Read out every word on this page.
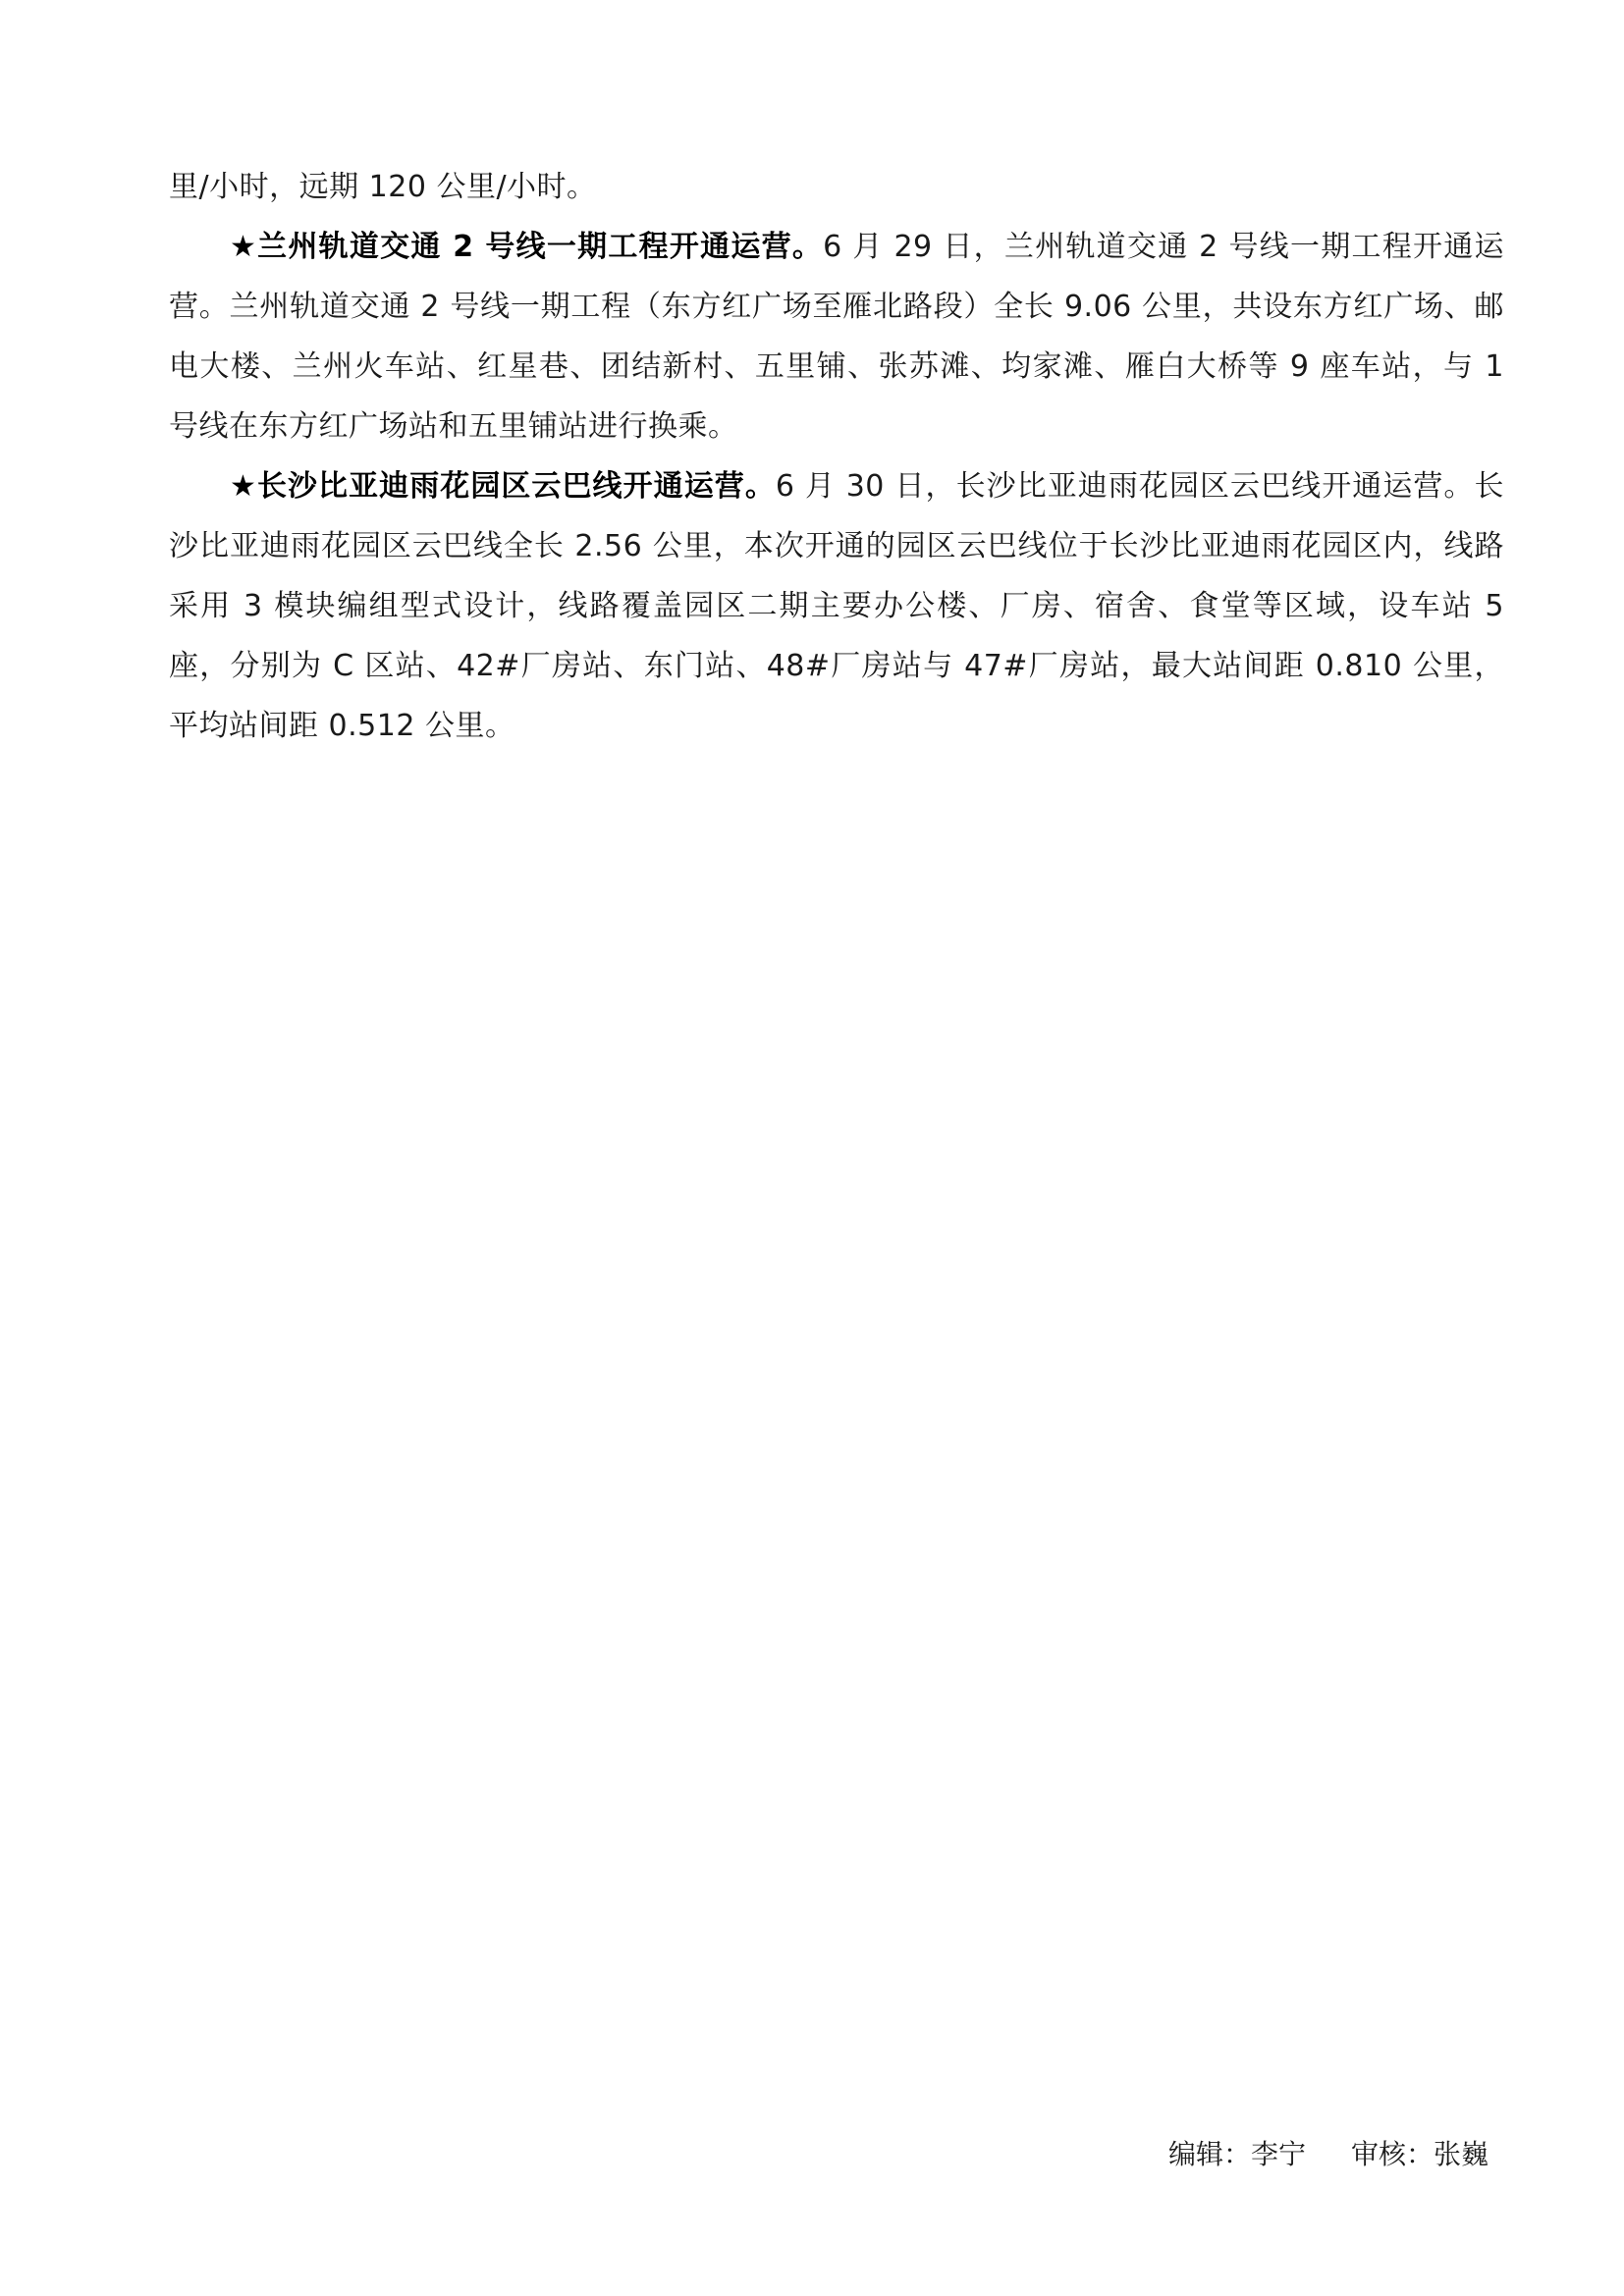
里/小时，远期 120 公里/小时。

★兰州轨道交通 2 号线一期工程开通运营。6 月 29 日，兰州轨道交通 2 号线一期工程开通运营。兰州轨道交通 2 号线一期工程（东方红广场至雁北路段）全长 9.06 公里，共设东方红广场、邮电大楼、兰州火车站、红星巷、团结新村、五里铺、张苏滩、均家滩、雁白大桥等 9 座车站，与 1 号线在东方红广场站和五里铺站进行换乘。

★长沙比亚迪雨花园区云巴线开通运营。6 月 30 日，长沙比亚迪雨花园区云巴线开通运营。长沙比亚迪雨花园区云巴线全长 2.56 公里，本次开通的园区云巴线位于长沙比亚迪雨花园区内，线路采用 3 模块编组型式设计，线路覆盖园区二期主要办公楼、厂房、宿舍、食堂等区域，设车站 5 座，分别为 C 区站、42#厂房站、东门站、48#厂房站与 47#厂房站，最大站间距 0.810 公里，平均站间距 0.512 公里。

编辑：李宁 审核：张巍
